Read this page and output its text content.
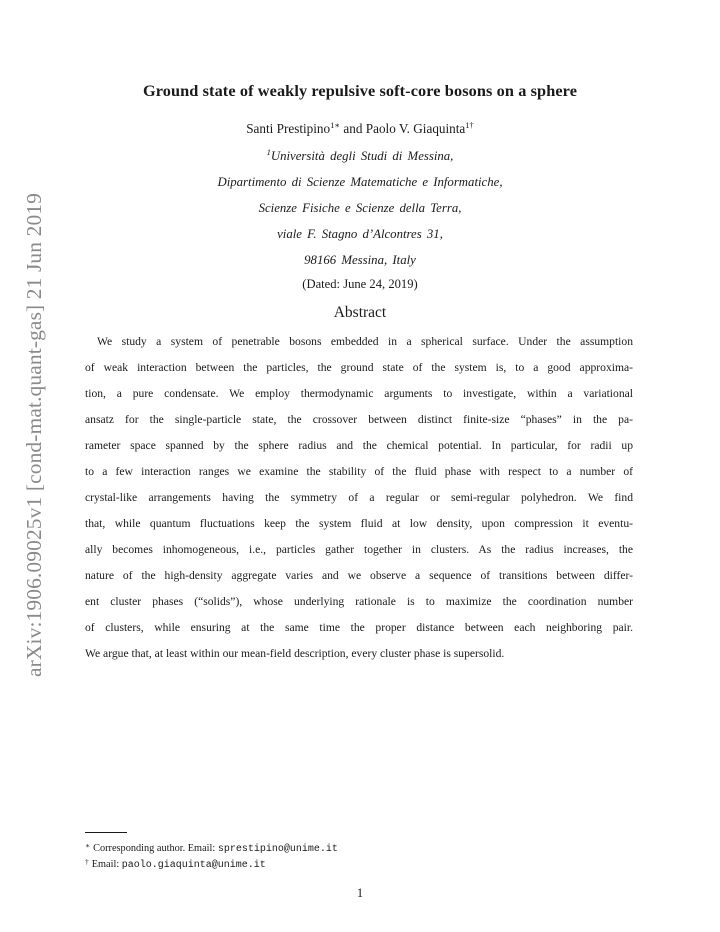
arXiv:1906.09025v1 [cond-mat.quant-gas] 21 Jun 2019
Ground state of weakly repulsive soft-core bosons on a sphere
Santi Prestipino$^{1∗}$ and Paolo V. Giaquinta$^{1\dagger}$
$^1$Università degli Studi di Messina,
Dipartimento di Scienze Matematiche e Informatiche,
Scienze Fisiche e Scienze della Terra,
viale F. Stagno d’Alcontres 31,
98166 Messina, Italy
(Dated: June 24, 2019)
Abstract
We study a system of penetrable bosons embedded in a spherical surface. Under the assumption
of weak interaction between the particles, the ground state of the system is, to a good approxima-
tion, a pure condensate. We employ thermodynamic arguments to investigate, within a variational
ansatz for the single-particle state, the crossover between distinct finite-size “phases” in the pa-
rameter space spanned by the sphere radius and the chemical potential. In particular, for radii up
to a few interaction ranges we examine the stability of the fluid phase with respect to a number of
crystal-like arrangements having the symmetry of a regular or semi-regular polyhedron. We find
that, while quantum fluctuations keep the system fluid at low density, upon compression it eventu-
ally becomes inhomogeneous, i.e., particles gather together in clusters. As the radius increases, the
nature of the high-density aggregate varies and we observe a sequence of transitions between differ-
ent cluster phases (“solids”), whose underlying rationale is to maximize the coordination number
of clusters, while ensuring at the same time the proper distance between each neighboring pair.
We argue that, at least within our mean-field description, every cluster phase is supersolid.
∗ Corresponding author. Email: sprestipino@unime.it
† Email: paolo.giaquinta@unime.it
1
